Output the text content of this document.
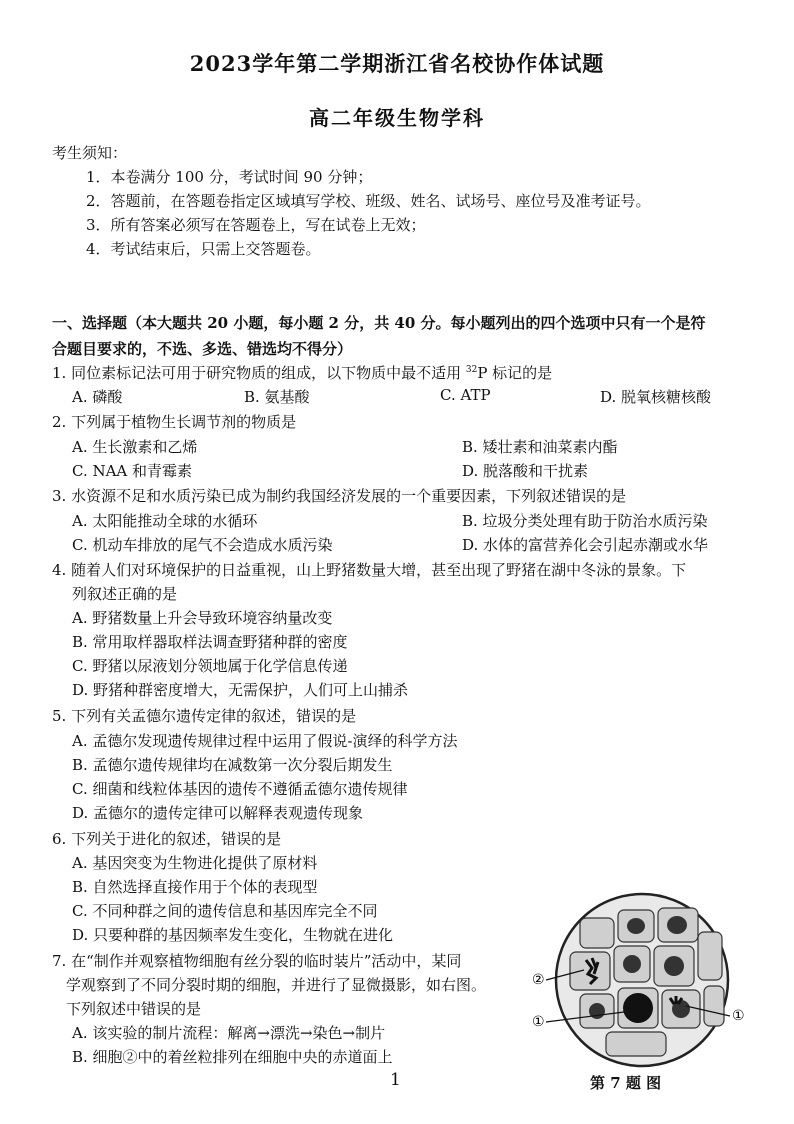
2023学年第二学期浙江省名校协作体试题
高二年级生物学科
考生须知：
1．本卷满分 100 分，考试时间 90 分钟；
2．答题前，在答题卷指定区域填写学校、班级、姓名、试场号、座位号及准考证号。
3．所有答案必须写在答题卷上，写在试卷上无效；
4．考试结束后，只需上交答题卷。
一、选择题（本大题共 20 小题，每小题 2 分，共 40 分。每小题列出的四个选项中只有一个是符
合题目要求的，不选、多选、错选均不得分）
1. 同位素标记法可用于研究物质的组成，以下物质中最不适用 $^{32}$P 标记的是
A. 磷酸	B. 氨基酸	C. ATP	D. 脱氧核糖核酸
2. 下列属于植物生长调节剂的物质是
A. 生长激素和乙烯	B. 矮壮素和油菜素内酯
C. NAA 和青霉素	D. 脱落酸和干扰素
3. 水资源不足和水质污染已成为制约我国经济发展的一个重要因素，下列叙述错误的是
A. 太阳能推动全球的水循环	B. 垃圾分类处理有助于防治水质污染
C. 机动车排放的尾气不会造成水质污染	D. 水体的富营养化会引起赤潮或水华
4. 随着人们对环境保护的日益重视，山上野猪数量大增，甚至出现了野猪在湖中冬泳的景象。下
列叙述正确的是
A. 野猪数量上升会导致环境容纳量改变
B. 常用取样器取样法调查野猪种群的密度
C. 野猪以尿液划分领地属于化学信息传递
D. 野猪种群密度增大，无需保护，人们可上山捕杀
5. 下列有关孟德尔遗传定律的叙述，错误的是
A. 孟德尔发现遗传规律过程中运用了假说-演绎的科学方法
B. 孟德尔遗传规律均在减数第一次分裂后期发生
C. 细菌和线粒体基因的遗传不遵循孟德尔遗传规律
D. 孟德尔的遗传定律可以解释表观遗传现象
6. 下列关于进化的叙述，错误的是
A. 基因突变为生物进化提供了原材料
B. 自然选择直接作用于个体的表现型
C. 不同种群之间的遗传信息和基因库完全不同
D. 只要种群的基因频率发生变化，生物就在进化
7. 在“制作并观察植物细胞有丝分裂的临时装片”活动中，某同
学观察到了不同分裂时期的细胞，并进行了显微摄影，如右图。
下列叙述中错误的是
A. 该实验的制片流程：解离→漂洗→染色→制片
B. 细胞②中的着丝粒排列在细胞中央的赤道面上
②
①	①
1	第 7 题 图
